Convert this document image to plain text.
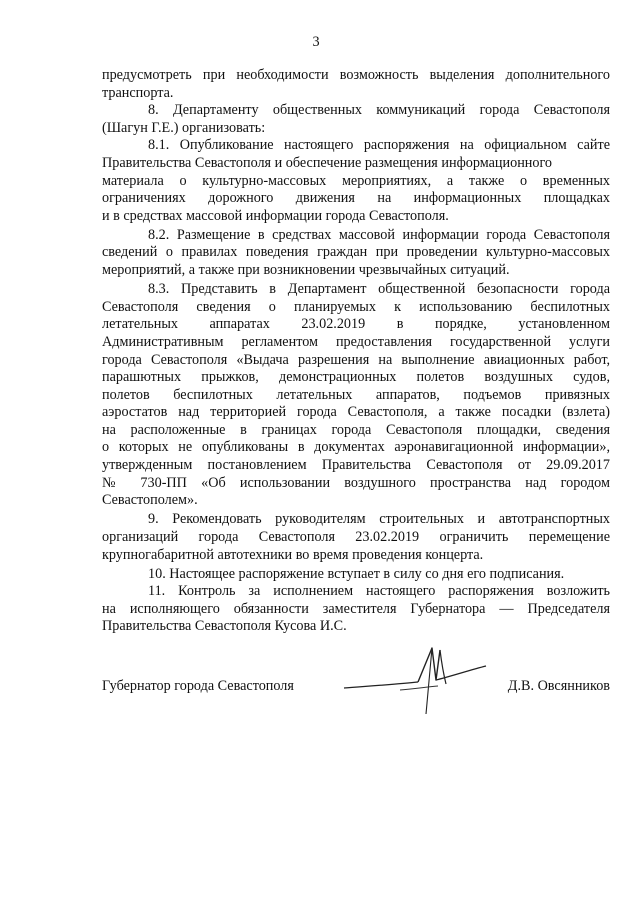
3
предусмотреть при необходимости возможность выделения дополнительного
транспорта.
8. Департаменту общественных коммуникаций города Севастополя
(Шагун Г.Е.) организовать:
8.1. Опубликование настоящего распоряжения на официальном сайте
Правительства Севастополя и обеспечение размещения информационного
материала о культурно-массовых мероприятиях, а также о временных
ограничениях дорожного движения на информационных площадках
и в средствах массовой информации города Севастополя.
8.2. Размещение в средствах массовой информации города Севастополя
сведений о правилах поведения граждан при проведении культурно-массовых
мероприятий, а также при возникновении чрезвычайных ситуаций.
8.3. Представить в Департамент общественной безопасности города
Севастополя сведения о планируемых к использованию беспилотных
летательных аппаратах 23.02.2019 в порядке, установленном
Административным регламентом предоставления государственной услуги
города Севастополя «Выдача разрешения на выполнение авиационных работ,
парашютных прыжков, демонстрационных полетов воздушных судов,
полетов беспилотных летательных аппаратов, подъемов привязных
аэростатов над территорией города Севастополя, а также посадки (взлета)
на расположенные в границах города Севастополя площадки, сведения
о которых не опубликованы в документах аэронавигационной информации»,
утвержденным постановлением Правительства Севастополя от 29.09.2017
№ 730-ПП «Об использовании воздушного пространства над городом
Севастополем».
9. Рекомендовать руководителям строительных и автотранспортных
организаций города Севастополя 23.02.2019 ограничить перемещение
крупногабаритной автотехники во время проведения концерта.
10. Настоящее распоряжение вступает в силу со дня его подписания.
11. Контроль за исполнением настоящего распоряжения возложить
на исполняющего обязанности заместителя Губернатора — Председателя
Правительства Севастополя Кусова И.С.
Губернатор города Севастополя	Д.В. Овсянников
